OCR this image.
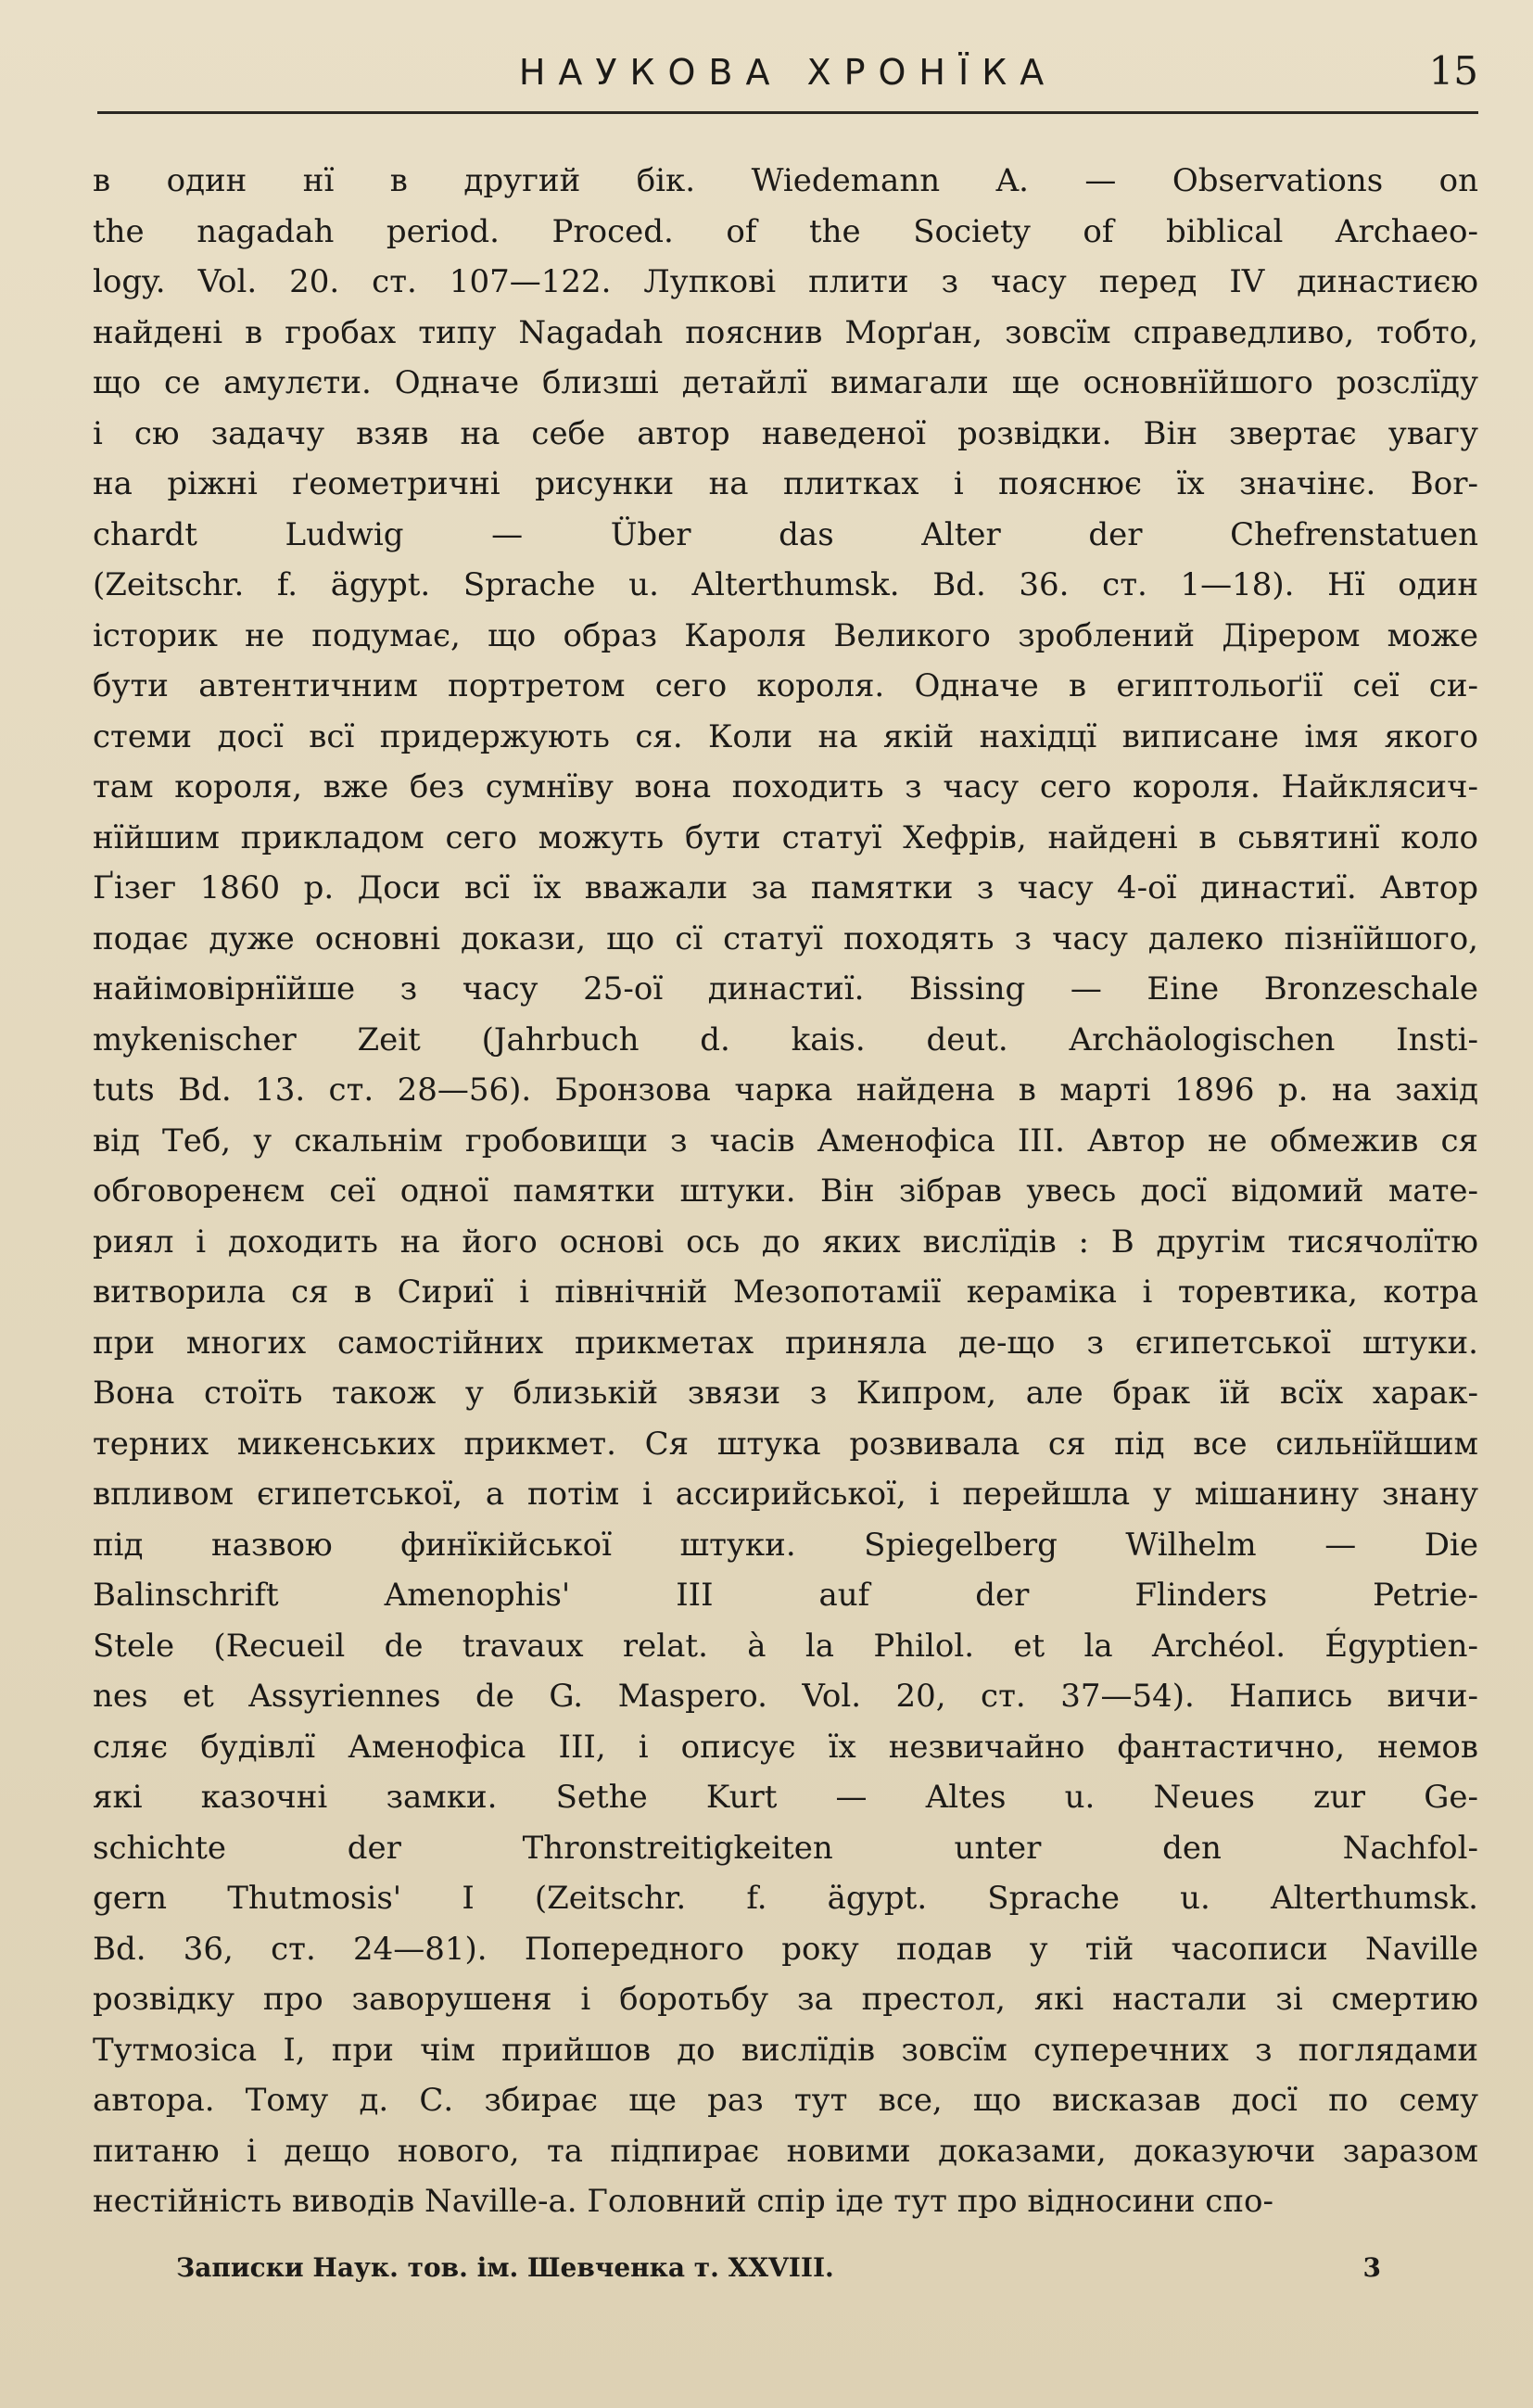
НАУКОВА ХРОНЇКА	15
в один нї в другий бік. Wiedemann A. — Observations on
the nagadah period. Proced. of the Society of biblical Archaeo-
logy. Vol. 20. ст. 107—122. Лупкові плити з часу перед IV династиєю
найдені в гробах типу Nagadah пояснив Морґан, зовсїм справедливо, тобто,
що се амулєти. Одначе близші детайлї вимагали ще основнїйшого розслїду
і сю задачу взяв на себе автор наведеної розвідки. Він звертає увагу
на ріжні ґеометричні рисунки на плитках і пояснює їх значінє. Bor-
chardt Ludwig — Über das Alter der Chefrenstatuen
(Zeitschr. f. ägypt. Sprache u. Alterthumsk. Bd. 36. ст. 1—18). Нї один
історик не подумає, що образ Кароля Великого зроблений Дірером може
бути автентичним портретом сего короля. Одначе в египтольоґії сеї си-
стеми досї всї придержують ся. Коли на якій нахідцї виписане імя якого
там короля, вже без сумнїву вона походить з часу сего короля. Найклясич-
нїйшим прикладом сего можуть бути статуї Хефрів, найдені в сьвятинї коло
Ґізег 1860 р. Доси всї їх вважали за памятки з часу 4-ої династиї. Автор
подає дуже основні докази, що сї статуї походять з часу далеко пізнїйшого,
найімовірнїйше з часу 25-ої династиї. Bissing — Eine Bronzeschale
mykenischer Zeit (Jahrbuch d. kais. deut. Archäologischen Insti-
tuts Bd. 13. ст. 28—56). Бронзова чарка найдена в марті 1896 р. на захід
від Теб, у скальнім гробовищи з часів Аменофіса III. Автор не обмежив ся
обговоренєм сеї одної памятки штуки. Він зібрав увесь досї відомий мате-
риял і доходить на його основі ось до яких вислїдів : В другім тисячолїтю
витворила ся в Сириї і північній Мезопотамії кераміка і торевтика, котра
при многих самостійних прикметах приняла де-що з єгипетської штуки.
Вона стоїть також у близькій звязи з Кипром, але брак їй всїх харак-
терних микенських прикмет. Ся штука розвивала ся під все сильнїйшим
впливом єгипетської, а потім і ассирийської, і перейшла у мішанину знану
під назвою финїкійської штуки. Spiegelberg Wilhelm — Die
Balinschrift Amenophis' III auf der Flinders Petrie-
Stele (Recueil de travaux relat. à la Philol. et la Archéol. Égyptien-
nes et Assyriennes de G. Maspero. Vol. 20, ст. 37—54). Напись вичи-
сляє будівлї Аменофіса III, і описує їх незвичайно фантастично, немов
які казочні замки. Sethe Kurt — Altes u. Neues zur Ge-
schichte der Thronstreitigkeiten unter den Nachfol-
gern Thutmosis' I (Zeitschr. f. ägypt. Sprache u. Alterthumsk.
Bd. 36, ст. 24—81). Попередного року подав у тій часописи Naville
розвідку про заворушеня і боротьбу за престол, які настали зі смертию
Тутмозіса I, при чім прийшов до вислїдів зовсїм суперечних з поглядами
автора. Тому д. С. збирає ще раз тут все, що висказав досї по сему
питаню і дещо нового, та підпирає новими доказами, доказуючи заразом
нестійність виводів Naville-а. Головний спір іде тут про відносини спо-
Записки Наук. тов. ім. Шевченка т. XXVIII.	3
